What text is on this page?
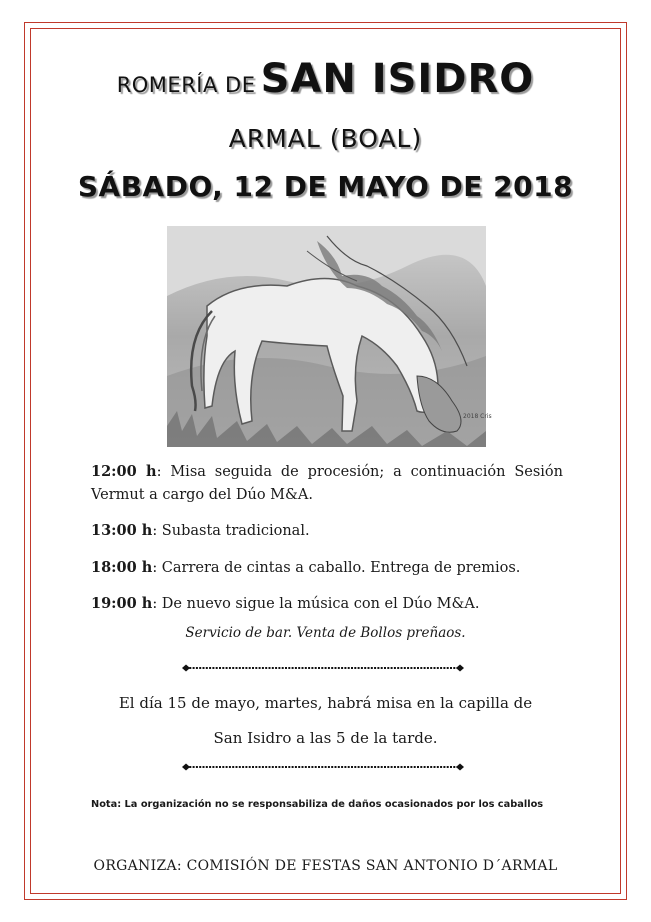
ROMERÍA DE SAN ISIDRO
ARMAL (BOAL)
SÁBADO, 12 DE MAYO DE 2018
2018 Cris
12:00 h: Misa seguida de procesión; a continuación Sesión Vermut a cargo del Dúo M&A.
13:00 h: Subasta tradicional.
18:00 h: Carrera de cintas a caballo. Entrega de premios.
19:00 h: De nuevo sigue la música con el Dúo M&A.
Servicio de bar. Venta de Bollos preñaos.
El día 15 de mayo, martes, habrá misa en la capilla de
San Isidro a las 5 de la tarde.
Nota: La organización no se responsabiliza de daños ocasionados por los caballos
ORGANIZA: COMISIÓN DE FESTAS SAN ANTONIO D´ARMAL
